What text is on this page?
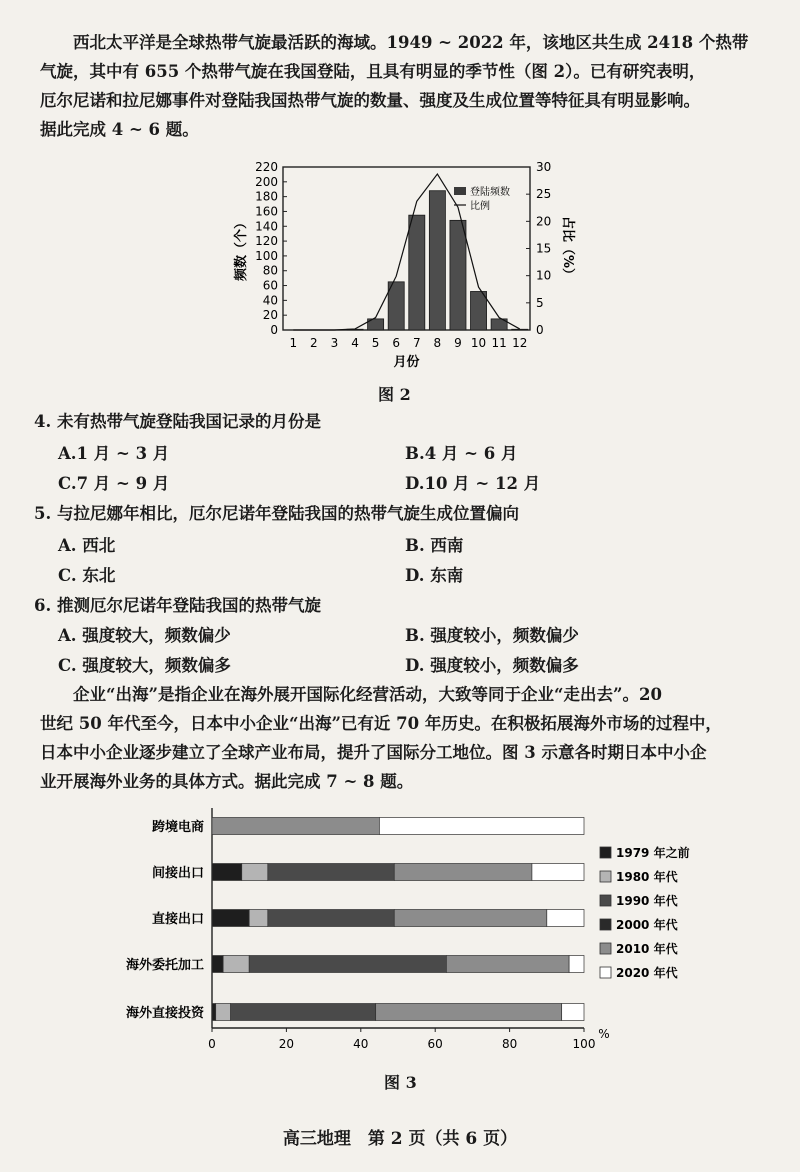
西北太平洋是全球热带气旋最活跃的海域。1949 ~ 2022 年，该地区共生成 2418 个热带
气旋，其中有 655 个热带气旋在我国登陆，且具有明显的季节性（图 2）。已有研究表明，
厄尔尼诺和拉尼娜事件对登陆我国热带气旋的数量、强度及生成位置等特征具有明显影响。
据此完成 4 ~ 6 题。
0
20
40
60
80
100
120
140
160
180
200
220
0
5
10
15
20
25
30
1 2 3 4 5 6 7 8 9 10 11 12
月份
频数（个）	占比（%）
登陆频数
比例
图 2
4. 未有热带气旋登陆我国记录的月份是
A.1 月 ~ 3 月	B.4 月 ~ 6 月
C.7 月 ~ 9 月	D.10 月 ~ 12 月
5. 与拉尼娜年相比，厄尔尼诺年登陆我国的热带气旋生成位置偏向
A. 西北	B. 西南
C. 东北	D. 东南
6. 推测厄尔尼诺年登陆我国的热带气旋
A. 强度较大，频数偏少	B. 强度较小，频数偏少
C. 强度较大，频数偏多	D. 强度较小，频数偏多
企业“出海”是指企业在海外展开国际化经营活动，大致等同于企业“走出去”。20
世纪 50 年代至今，日本中小企业“出海”已有近 70 年历史。在积极拓展海外市场的过程中，
日本中小企业逐步建立了全球产业布局，提升了国际分工地位。图 3 示意各时期日本中小企
业开展海外业务的具体方式。据此完成 7 ~ 8 题。
0	20	40	60	80	100
%
跨境电商
间接出口
直接出口
海外委托加工
海外直接投资
1979 年之前
1980 年代
1990 年代
2000 年代
2010 年代
2020 年代
图 3
高三地理　第 2 页（共 6 页）
